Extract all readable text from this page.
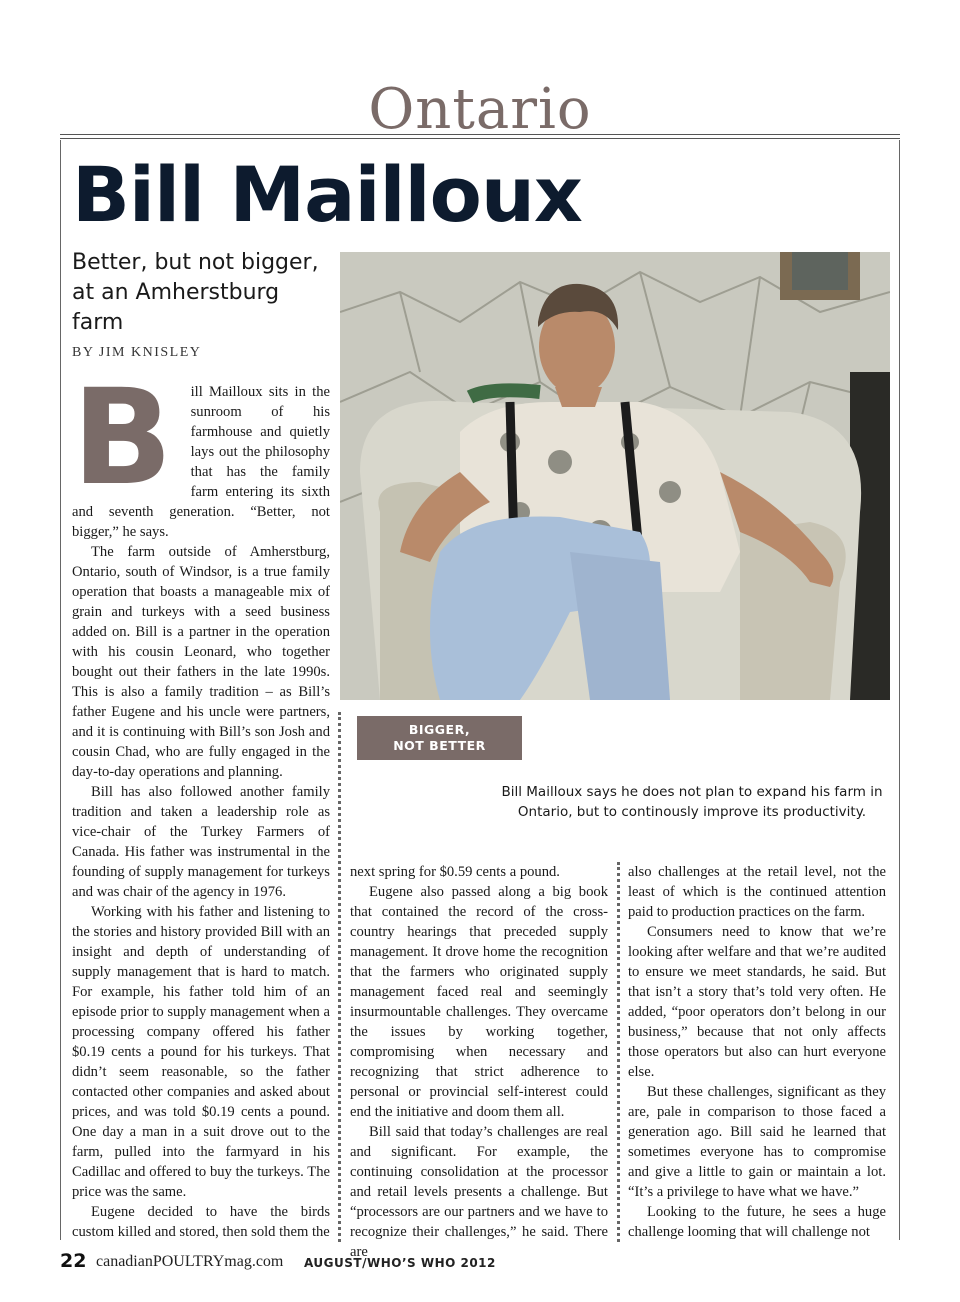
Ontario
Bill Mailloux
Better, but not bigger, at an Amherstburg farm
BY JIM KNISLEY
BIGGER,
NOT BETTER
Bill Mailloux says he does not plan to expand his farm in Ontario, but to continously improve its productivity.
B	ill Mailloux sits in the sunroom of his farmhouse and quietly lays out the philosophy that has the family farm entering its sixth and seventh generation. “Better, not bigger,” he says.

The farm outside of Amherstburg, Ontario, south of Windsor, is a true family operation that boasts a manageable mix of grain and turkeys with a seed business added on. Bill is a partner in the operation with his cousin Leonard, who together bought out their fathers in the late 1990s. This is also a family tradition – as Bill’s father Eugene and his uncle were partners, and it is continuing with Bill’s son Josh and cousin Chad, who are fully engaged in the day-to-day operations and planning.

Bill has also followed another family tradition and taken a leadership role as vice-chair of the Turkey Farmers of Canada. His father was instrumental in the founding of supply management for turkeys and was chair of the agency in 1976.

Working with his father and listening to the stories and history provided Bill with an insight and depth of understanding of supply management that is hard to match. For example, his father told him of an episode prior to supply management when a processing company offered his father $0.19 cents a pound for his turkeys. That didn’t seem reasonable, so the father contacted other companies and asked about prices, and was told $0.19 cents a pound. One day a man in a suit drove out to the farm, pulled into the farmyard in his Cadillac and offered to buy the turkeys. The price was the same.

Eugene decided to have the birds custom killed and stored, then sold them the

next spring for $0.59 cents a pound.

Eugene also passed along a big book that contained the record of the cross-country hearings that preceded supply management. It drove home the recognition that the farmers who originated supply management faced real and seemingly insurmountable challenges. They overcame the issues by working together, compromising when necessary and recognizing that strict adherence to personal or provincial self-interest could end the initiative and doom them all.

Bill said that today’s challenges are real and significant. For example, the continuing consolidation at the processor and retail levels presents a challenge. But “processors are our partners and we have to recognize their challenges,” he said. There are

also challenges at the retail level, not the least of which is the continued attention paid to production practices on the farm.

Consumers need to know that we’re looking after welfare and that we’re audited to ensure we meet standards, he said. But that isn’t a story that’s told very often. He added, “poor operators don’t belong in our business,” because that not only affects those operators but also can hurt everyone else.

But these challenges, significant as they are, pale in comparison to those faced a generation ago. Bill said he learned that sometimes everyone has to compromise and give a little to gain or maintain a lot. “It’s a privilege to have what we have.”

Looking to the future, he sees a huge challenge looming that will challenge not

22 canadianPOULTRYmag.com AUGUST/WHO’S WHO 2012
